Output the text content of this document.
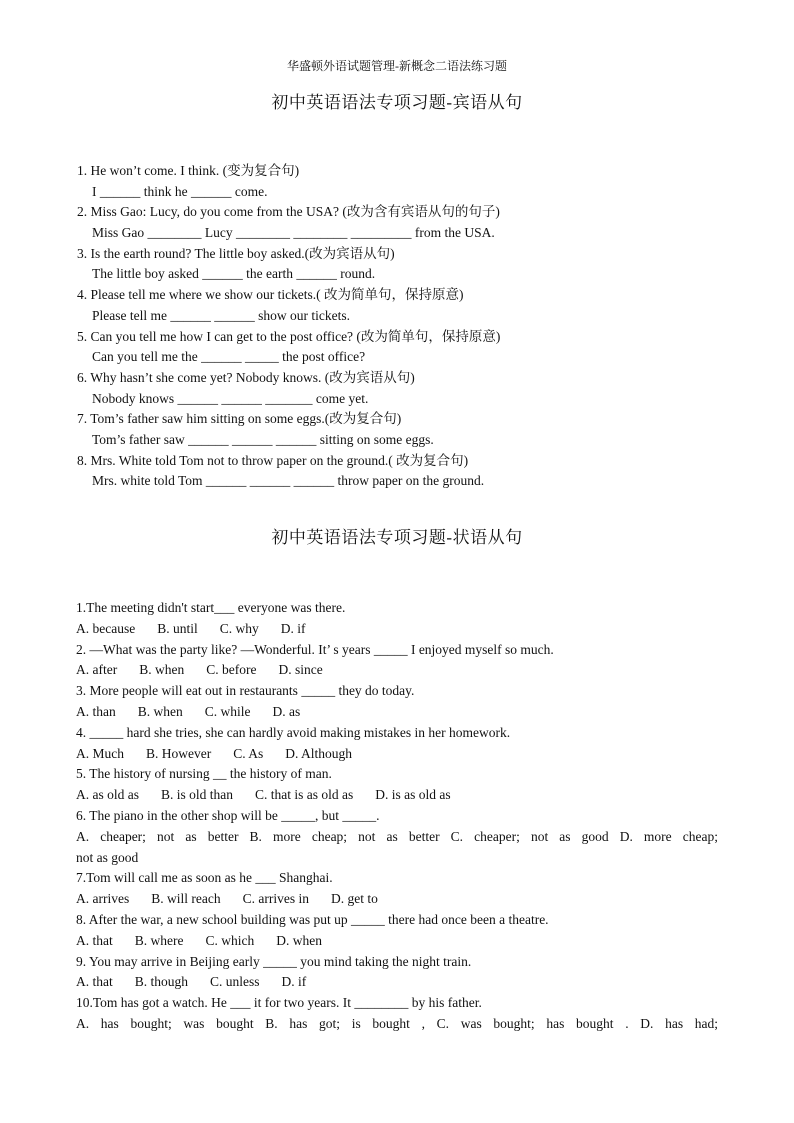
华盛顿外语试题管理-新概念二语法练习题
初中英语语法专项习题-宾语从句
1. He won’t come. I think. (变为复合句)
I ______ think he ______ come.
2. Miss Gao: Lucy, do you come from the USA? (改为含有宾语从句的句子)
Miss Gao ________ Lucy ________ ________ _________ from the USA.
3. Is the earth round? The little boy asked.(改为宾语从句)
The little boy asked ______ the earth ______ round.
4. Please tell me where we show our tickets.( 改为简单句，保持原意)
Please tell me ______ ______ show our tickets.
5. Can you tell me how I can get to the post office? (改为简单句，保持原意)
Can you tell me the ______ _____ the post office?
6. Why hasn’t she come yet? Nobody knows. (改为宾语从句)
Nobody knows ______ ______ _______ come yet.
7. Tom’s father saw him sitting on some eggs.(改为复合句)
Tom’s father saw ______ ______ ______ sitting on some eggs.
8. Mrs. White told Tom not to throw paper on the ground.( 改为复合句)
Mrs. white told Tom ______ ______ ______ throw paper on the ground.
初中英语语法专项习题-状语从句
1.The meeting didn't start___ everyone was there.
A. because B. until C. why D. if
2. —What was the party like? —Wonderful. It’ s years _____ I enjoyed myself so much.
A. after B. when C. before D. since
3. More people will eat out in restaurants _____ they do today.
A. than B. when C. while D. as
4. _____ hard she tries, she can hardly avoid making mistakes in her homework.
A. Much B. However C. As D. Although
5. The history of nursing __ the history of man.
A. as old as B. is old than C. that is as old as D. is as old as
6. The piano in the other shop will be _____, but _____.
A. cheaper; not as better B. more cheap; not as better C. cheaper; not as good D. more cheap;
not as good
7.Tom will call me as soon as he ___ Shanghai.
A. arrives B. will reach C. arrives in D. get to
8. After the war, a new school building was put up _____ there had once been a theatre.
A. that B. where C. which D. when
9. You may arrive in Beijing early _____ you mind taking the night train.
A. that B. though C. unless D. if
10.Tom has got a watch. He ___ it for two years. It ________ by his father.
A. has bought; was bought B. has got; is bought , C. was bought; has bought . D. has had;
